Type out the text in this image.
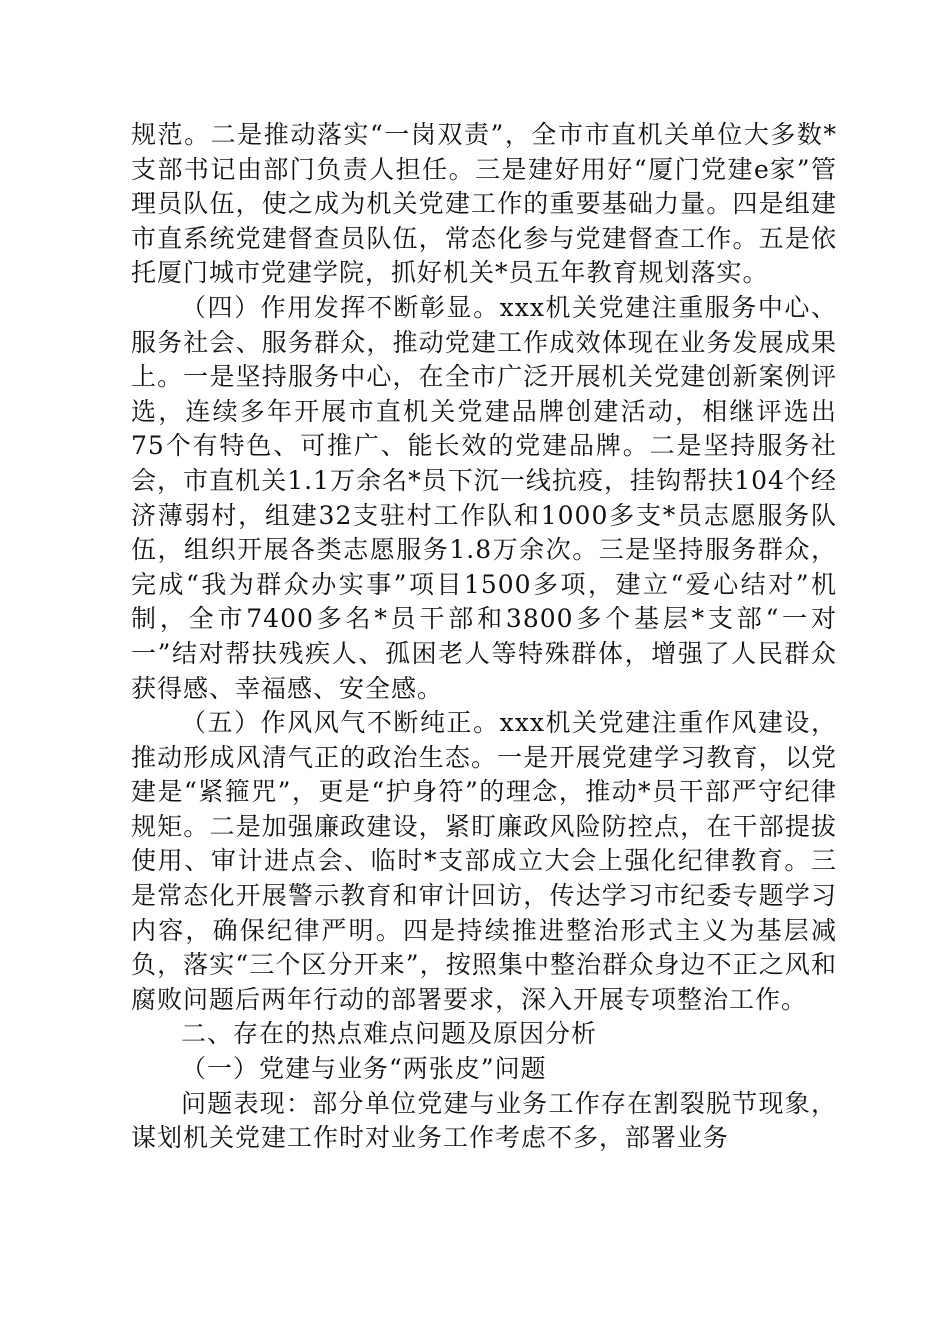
规范。二是推动落实“一岗双责”，全市市直机关单位大多数*支部书记由部门负责人担任。三是建好用好“厦门党建e家”管理员队伍，使之成为机关党建工作的重要基础力量。四是组建市直系统党建督查员队伍，常态化参与党建督查工作。五是依托厦门城市党建学院，抓好机关*员五年教育规划落实。

（四）作用发挥不断彰显。xxx机关党建注重服务中心、服务社会、服务群众，推动党建工作成效体现在业务发展成果上。一是坚持服务中心，在全市广泛开展机关党建创新案例评选，连续多年开展市直机关党建品牌创建活动，相继评选出75个有特色、可推广、能长效的党建品牌。二是坚持服务社会，市直机关1.1万余名*员下沉一线抗疫，挂钩帮扶104个经济薄弱村，组建32支驻村工作队和1000多支*员志愿服务队伍，组织开展各类志愿服务1.8万余次。三是坚持服务群众，完成“我为群众办实事”项目1500多项，建立“爱心结对”机制，全市7400多名*员干部和3800多个基层*支部“一对一”结对帮扶残疾人、孤困老人等特殊群体，增强了人民群众获得感、幸福感、安全感。

（五）作风风气不断纯正。xxx机关党建注重作风建设，推动形成风清气正的政治生态。一是开展党建学习教育，以党建是“紧箍咒”，更是“护身符”的理念，推动*员干部严守纪律规矩。二是加强廉政建设，紧盯廉政风险防控点，在干部提拔使用、审计进点会、临时*支部成立大会上强化纪律教育。三是常态化开展警示教育和审计回访，传达学习市纪委专题学习内容，确保纪律严明。四是持续推进整治形式主义为基层减负，落实“三个区分开来”，按照集中整治群众身边不正之风和腐败问题后两年行动的部署要求，深入开展专项整治工作。

二、存在的热点难点问题及原因分析

（一）党建与业务“两张皮”问题

问题表现：部分单位党建与业务工作存在割裂脱节现象，谋划机关党建工作时对业务工作考虑不多，部署业务
